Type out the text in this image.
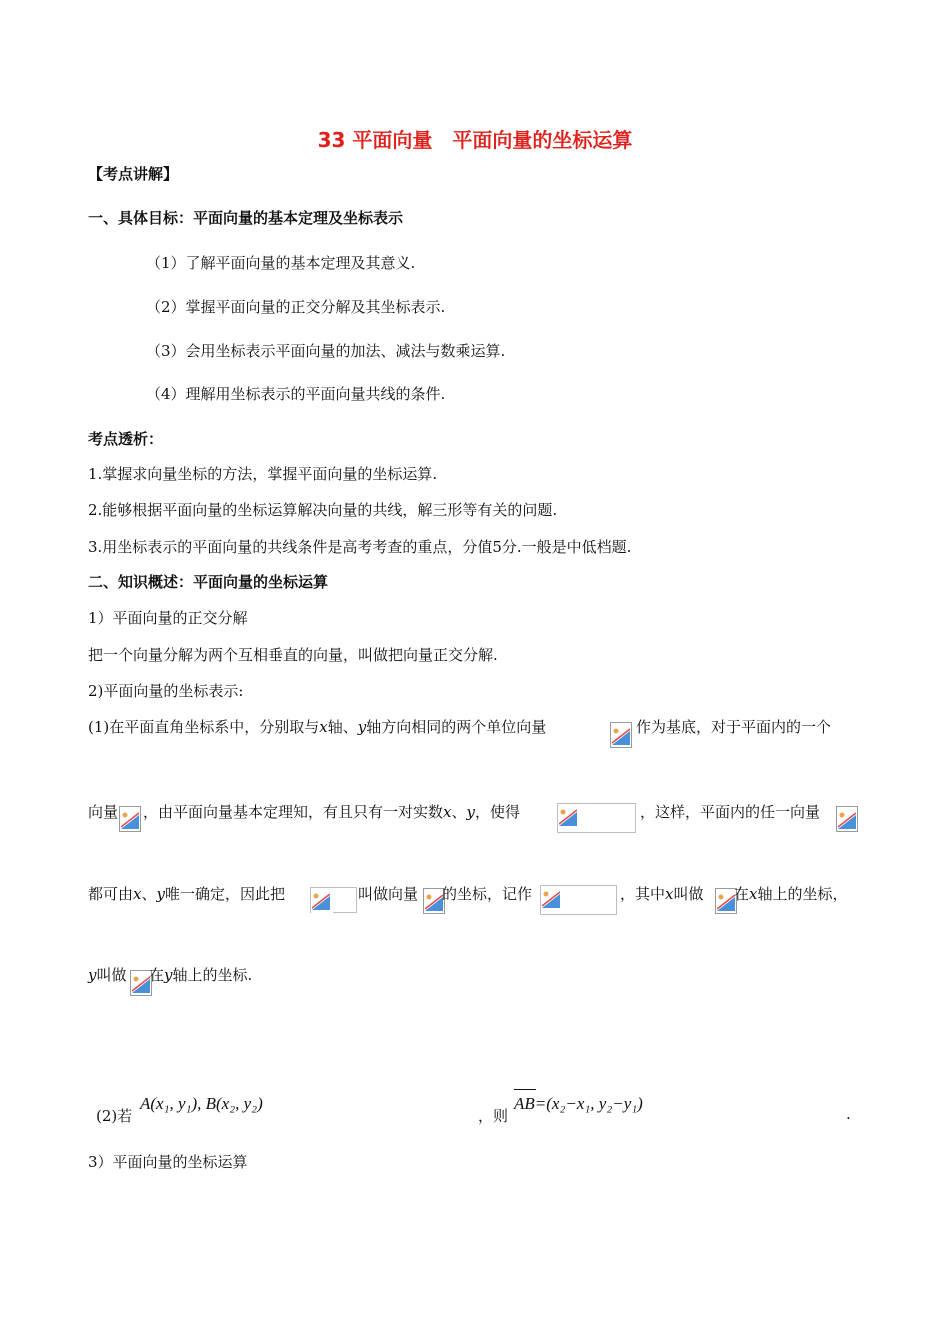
33 平面向量　平面向量的坐标运算
【考点讲解】
一、具体目标：平面向量的基本定理及坐标表示
（1）了解平面向量的基本定理及其意义.
（2）掌握平面向量的正交分解及其坐标表示.
（3）会用坐标表示平面向量的加法、减法与数乘运算.
（4）理解用坐标表示的平面向量共线的条件.
考点透析：
1.掌握求向量坐标的方法，掌握平面向量的坐标运算.
2.能够根据平面向量的坐标运算解决向量的共线，解三形等有关的问题.
3.用坐标表示的平面向量的共线条件是高考考查的重点，分值5分.一般是中低档题.
二、知识概述：平面向量的坐标运算
1）平面向量的正交分解
把一个向量分解为两个互相垂直的向量，叫做把向量正交分解.
2)平面向量的坐标表示:
(1)在平面直角坐标系中，分别取与x轴、y轴方向相同的两个单位向量	作为基底，对于平面内的一个
向量 ，由平面向量基本定理知，有且只有一对实数x、y，使得	，这样，平面内的任一向量
都可由x、y唯一确定，因此把	叫做向量 的坐标，记作	，其中x叫做 在x轴上的坐标，
y叫做 在y轴上的坐标.
(2)若
A(x₁, y₁), B(x₂, y₂)
，则
AB=(x₂−x₁, y₂−y₁)
.
3）平面向量的坐标运算
